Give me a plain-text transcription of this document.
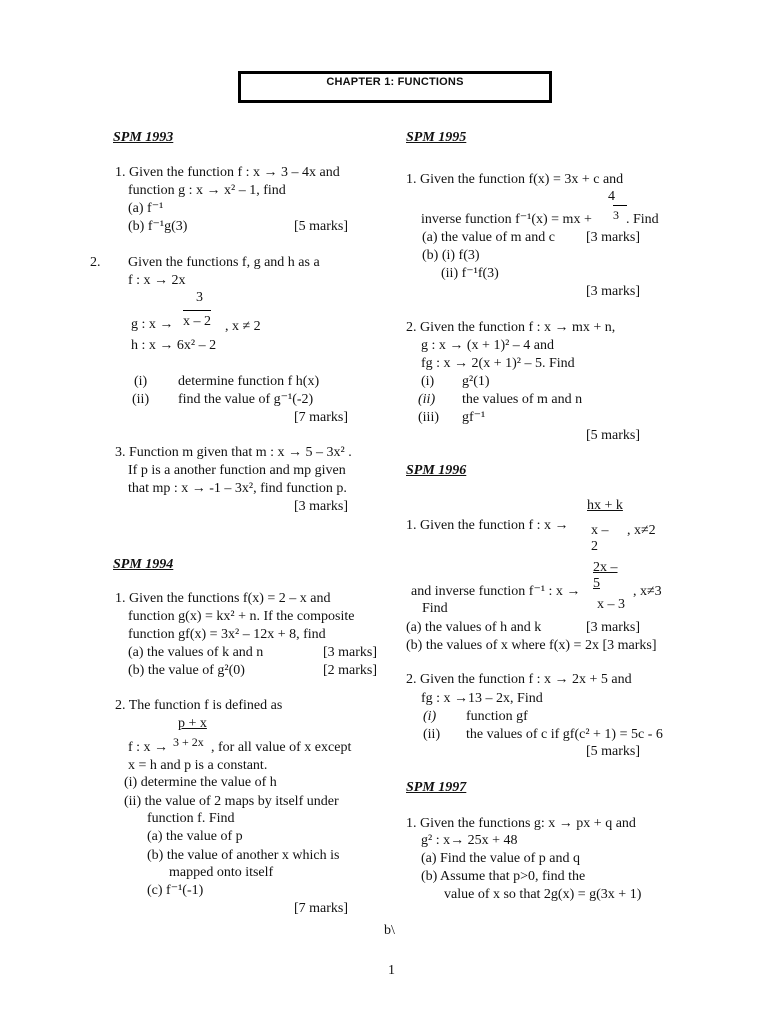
CHAPTER 1: FUNCTIONS
SPM 1993
1. Given the function f : x → 3 – 4x and
function g : x → x² – 1, find
(a) f⁻¹
(b) f⁻¹g(3)	[5 marks]
2. Given the functions f, g and h as a
f : x → 2x
3
g : x → x – 2 , x ≠ 2
h : x → 6x² – 2
(i) determine function f h(x)
(ii) find the value of g⁻¹(-2)
[7 marks]
3. Function m given that m : x → 5 – 3x² .
If p is a another function and mp given
that mp : x → -1 – 3x², find function p.
[3 marks]
SPM 1994
1. Given the functions f(x) = 2 – x and
function g(x) = kx² + n. If the composite
function gf(x) = 3x² – 12x + 8, find
(a) the values of k and n	[3 marks]
(b) the value of g²(0)	[2 marks]
2. The function f is defined as
p + x
f : x → 3 + 2x , for all value of x except
x = h and p is a constant.
(i) determine the value of h
(ii) the value of 2 maps by itself under
function f. Find
(a) the value of p
(b) the value of another x which is
mapped onto itself
(c) f⁻¹(-1)
[7 marks]
SPM 1995
1. Given the function f(x) = 3x + c and
4
inverse function f⁻¹(x) = mx + 3 . Find
(a) the value of m and c [3 marks]
(b) (i) f(3)
(ii) f⁻¹f(3)
[3 marks]
2. Given the function f : x → mx + n,
g : x → (x + 1)² – 4 and
fg : x → 2(x + 1)² – 5. Find
(i) g²(1)
(ii) the values of m and n
(iii) gf⁻¹
[5 marks]
SPM 1996
hx + k
1. Given the function f : x → x –
2
, x≠2
2x –
5
and inverse function f⁻¹ : x →	, x≠3
x – 3
Find
(a) the values of h and k	[3 marks]
(b) the values of x where f(x) = 2x [3 marks]
2. Given the function f : x → 2x + 5 and
fg : x →13 – 2x, Find
(i) function gf
(ii) the values of c if gf(c² + 1) = 5c - 6
[5 marks]
SPM 1997
1. Given the functions g: x → px + q and
g² : x→ 25x + 48
(a) Find the value of p and q
(b) Assume that p>0, find the
value of x so that 2g(x) = g(3x + 1)
b\
1
